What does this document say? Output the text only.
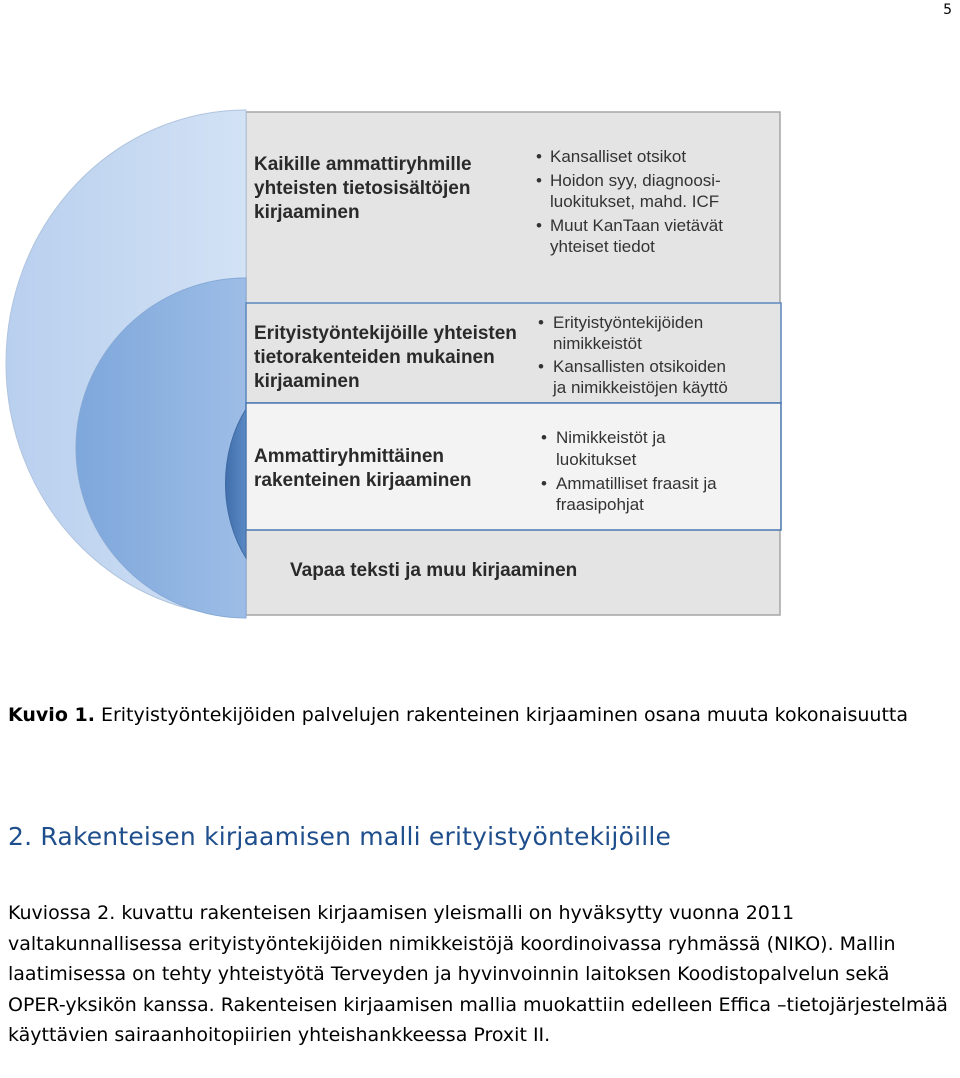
5
Kaikille ammattiryhmille yhteisten tietosisältöjen kirjaaminen
• Kansalliset otsikot
• Hoidon syy, diagnoosi-
luokitukset, mahd. ICF
• Muut KanTaan vietävät
yhteiset tiedot
Erityistyöntekijöille yhteisten tietorakenteiden mukainen kirjaaminen
• Erityistyöntekijöiden
nimikkeistöt
• Kansallisten otsikoiden
ja nimikkeistöjen käyttö
Ammattiryhmittäinen rakenteinen kirjaaminen
• Nimikkeistöt ja
luokitukset
• Ammatilliset fraasit ja
fraasipohjat
Vapaa teksti ja muu kirjaaminen
Kuvio 1. Erityistyöntekijöiden palvelujen rakenteinen kirjaaminen osana muuta kokonaisuutta
2. Rakenteisen kirjaamisen malli erityistyöntekijöille

Kuviossa 2. kuvattu rakenteisen kirjaamisen yleismalli on hyväksytty vuonna 2011 valtakunnallisessa erityistyöntekijöiden nimikkeistöjä koordinoivassa ryhmässä (NIKO). Mallin laatimisessa on tehty yhteistyötä Terveyden ja hyvinvoinnin laitoksen Koodistopalvelun sekä OPER-yksikön kanssa. Rakenteisen kirjaamisen mallia muokattiin edelleen Effica –tietojärjestelmää käyttävien sairaanhoitopiirien yhteishankkeessa Proxit II.
